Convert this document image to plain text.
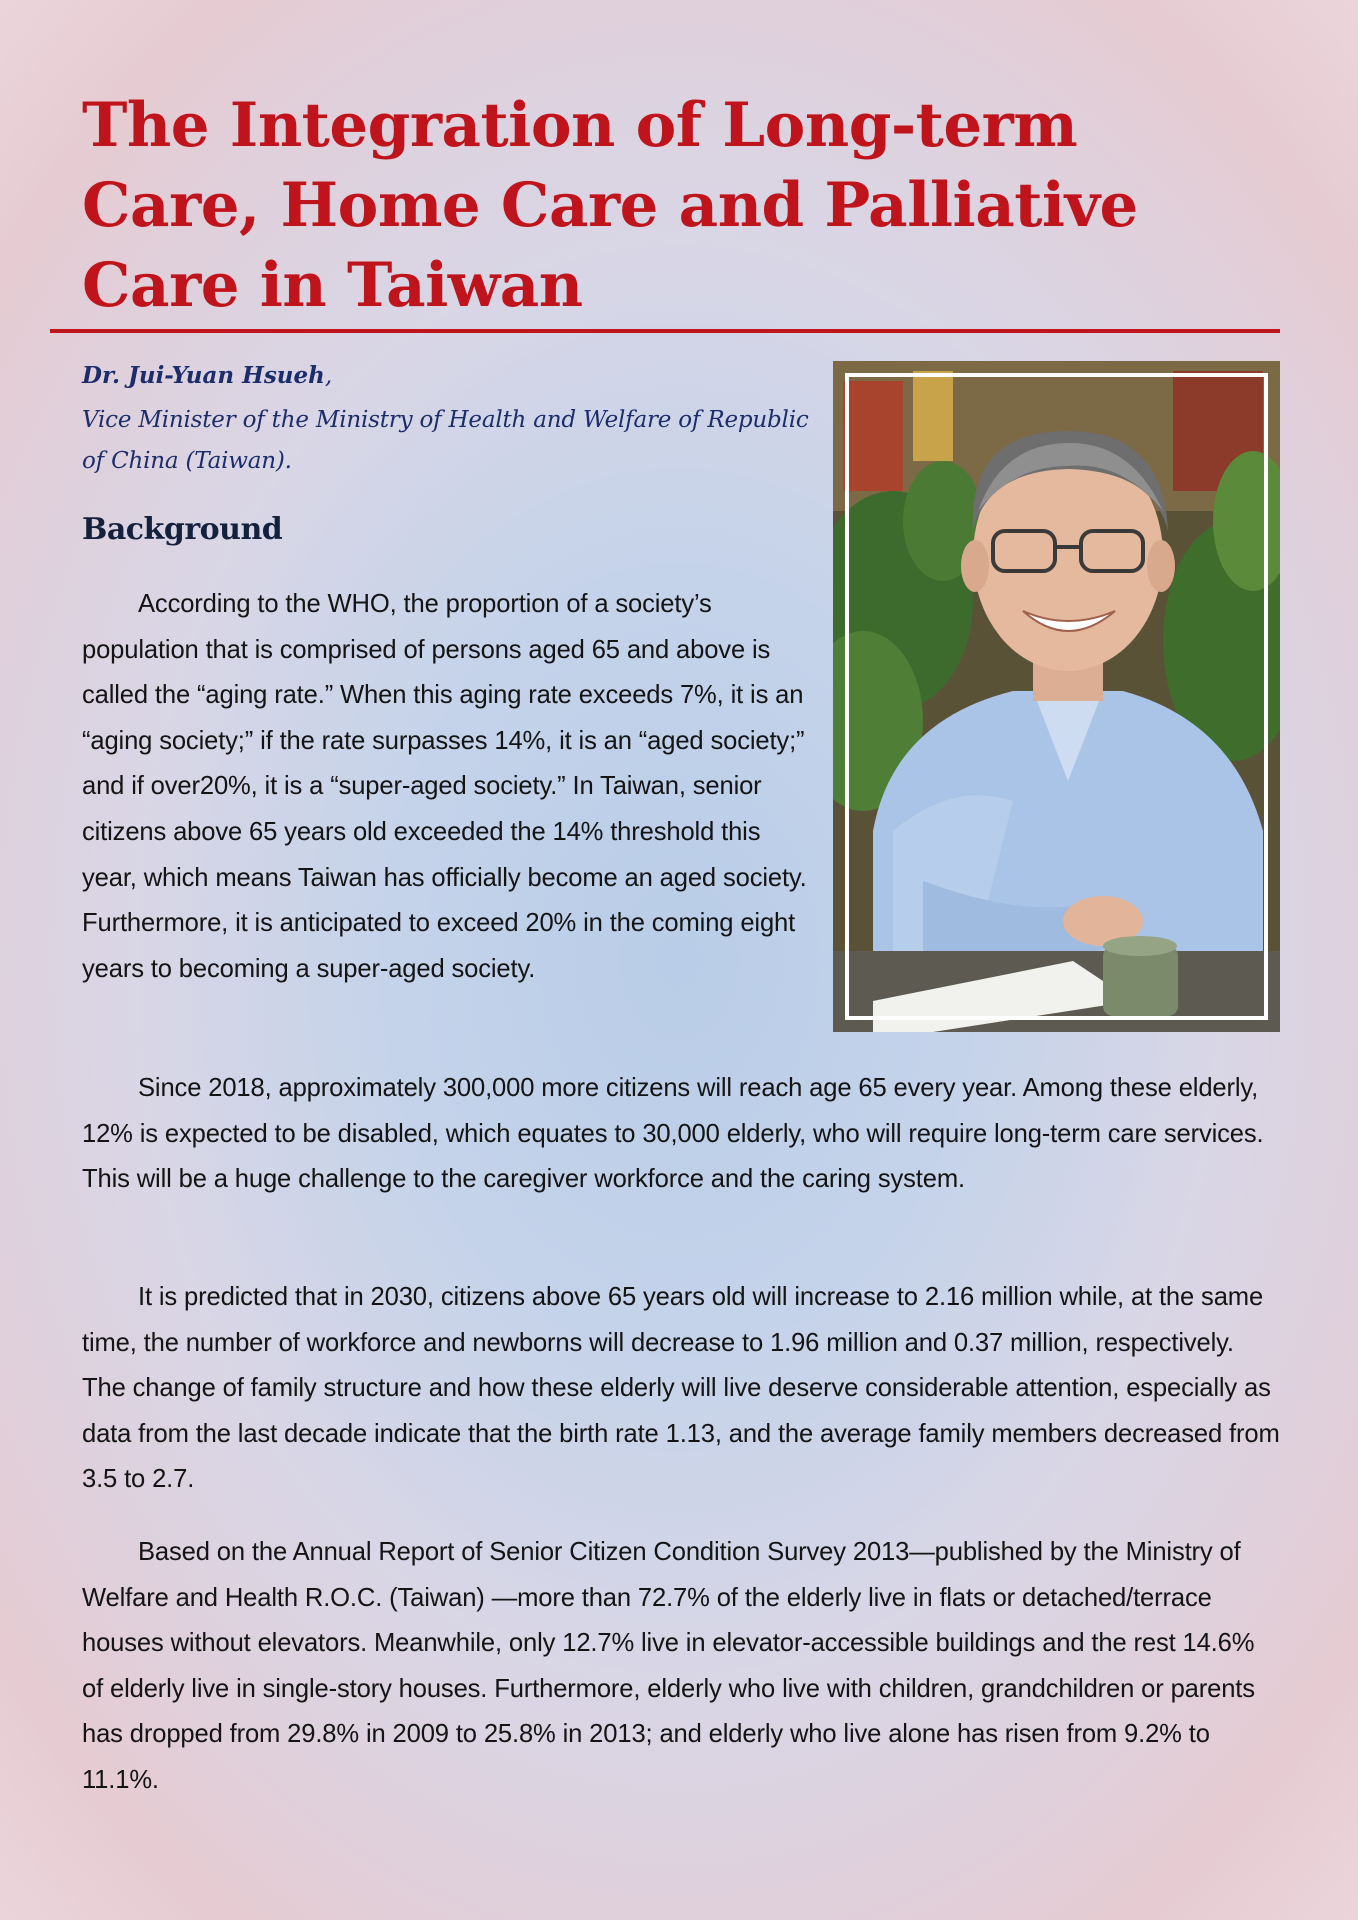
The Integration of Long-term Care, Home Care and Palliative Care in Taiwan
Dr. Jui-Yuan Hsueh,
Vice Minister of the Ministry of Health and Welfare of Republic of China (Taiwan).
Background

According to the WHO, the proportion of a society’s population that is comprised of persons aged 65 and above is called the “aging rate.” When this aging rate exceeds 7%, it is an “aging society;” if the rate surpasses 14%, it is an “aged society;” and if over20%, it is a “super-aged society.” In Taiwan, senior citizens above 65 years old exceeded the 14% threshold this year, which means Taiwan has officially become an aged society. Furthermore, it is anticipated to exceed 20% in the coming eight years to becoming a super-aged society.

Since 2018, approximately 300,000 more citizens will reach age 65 every year. Among these elderly, 12% is expected to be disabled, which equates to 30,000 elderly, who will require long-term care services. This will be a huge challenge to the caregiver workforce and the caring system.

It is predicted that in 2030, citizens above 65 years old will increase to 2.16 million while, at the same time, the number of workforce and newborns will decrease to 1.96 million and 0.37 million, respectively. The change of family structure and how these elderly will live deserve considerable attention, especially as data from the last decade indicate that the birth rate 1.13, and the average family members decreased from 3.5 to 2.7.

Based on the Annual Report of Senior Citizen Condition Survey 2013—published by the Ministry of Welfare and Health R.O.C. (Taiwan) —more than 72.7% of the elderly live in flats or detached/terrace houses without elevators. Meanwhile, only 12.7% live in elevator-accessible buildings and the rest 14.6% of elderly live in single-story houses. Furthermore, elderly who live with children, grandchildren or parents has dropped from 29.8% in 2009 to 25.8% in 2013; and elderly who live alone has risen from 9.2% to 11.1%.
